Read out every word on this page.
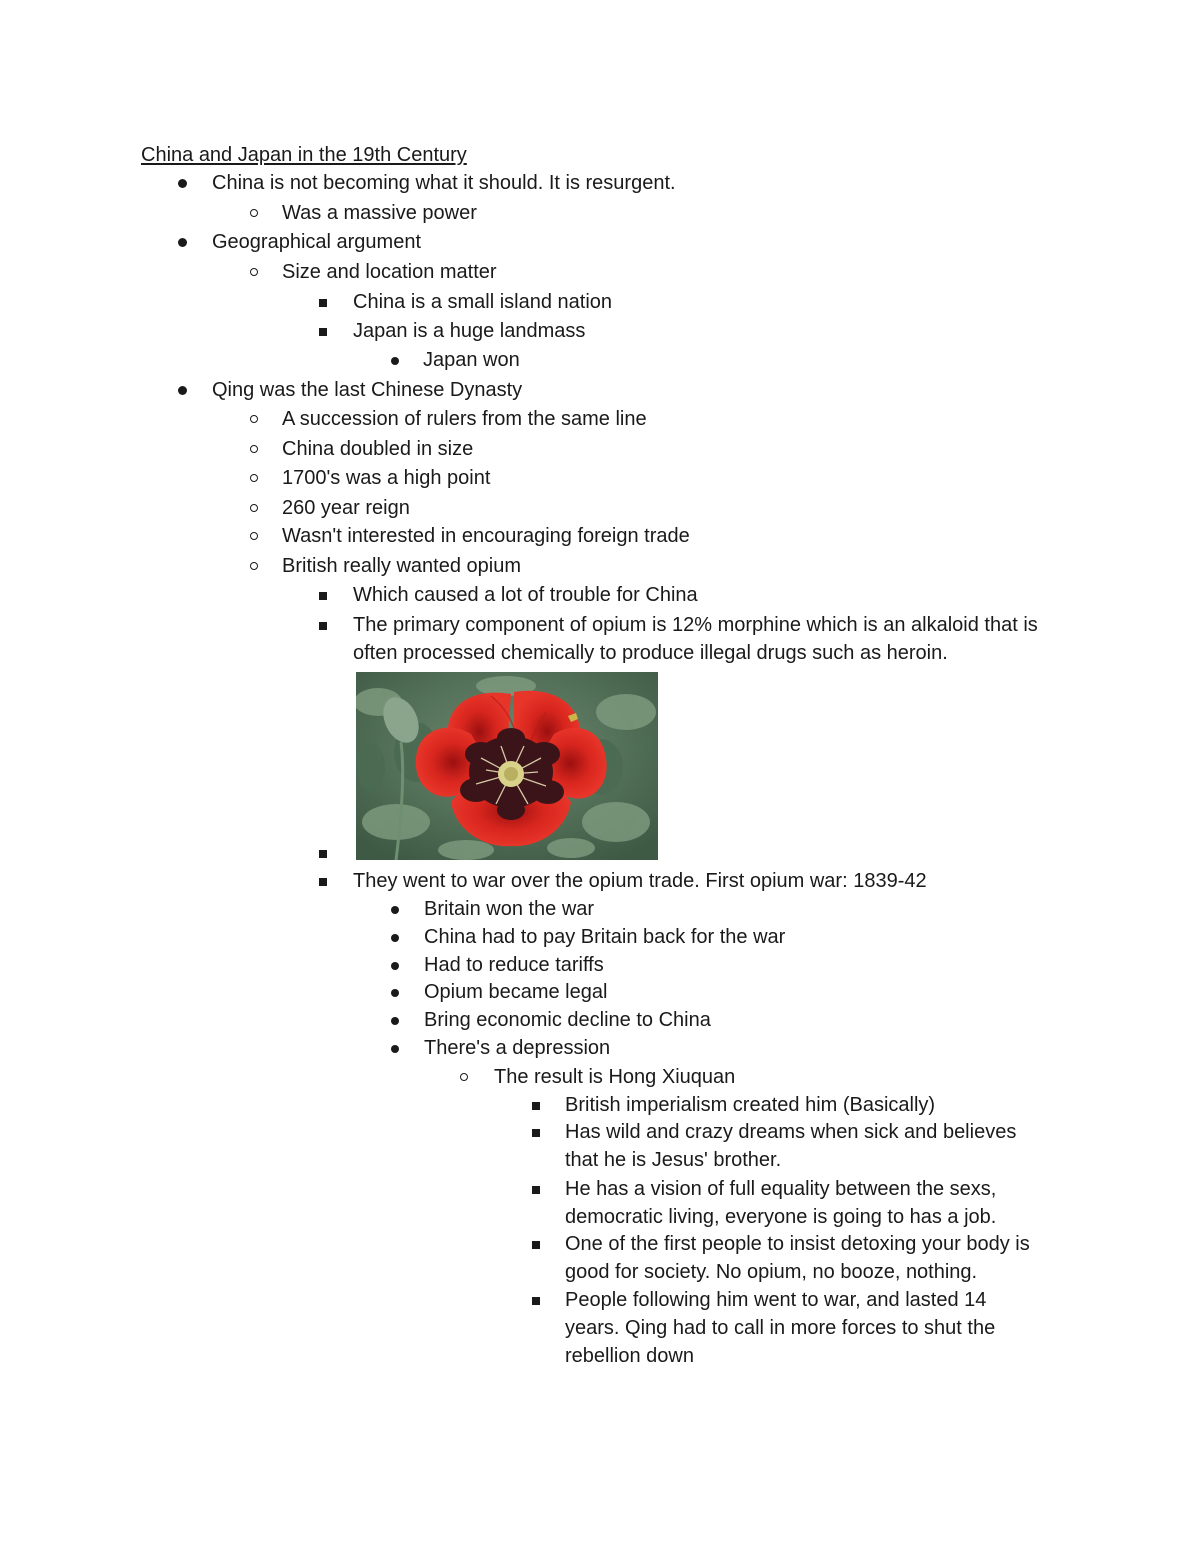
China and Japan in the 19th Century
China is not becoming what it should. It is resurgent.
Was a massive power
Geographical argument
Size and location matter
China is a small island nation
Japan is a huge landmass
Japan won
Qing was the last Chinese Dynasty
A succession of rulers from the same line
China doubled in size
1700's was a high point
260 year reign
Wasn't interested in encouraging foreign trade
British really wanted opium
Which caused a lot of trouble for China
The primary component of opium is 12% morphine which is an alkaloid that is
often processed chemically to produce illegal drugs such as heroin.
They went to war over the opium trade. First opium war: 1839-42
Britain won the war
China had to pay Britain back for the war
Had to reduce tariffs
Opium became legal
Bring economic decline to China
There's a depression
The result is Hong Xiuquan
British imperialism created him (Basically)
Has wild and crazy dreams when sick and believes
that he is Jesus' brother.
He has a vision of full equality between the sexs,
democratic living, everyone is going to has a job.
One of the first people to insist detoxing your body is
good for society. No opium, no booze, nothing.
People following him went to war, and lasted 14
years. Qing had to call in more forces to shut the
rebellion down
